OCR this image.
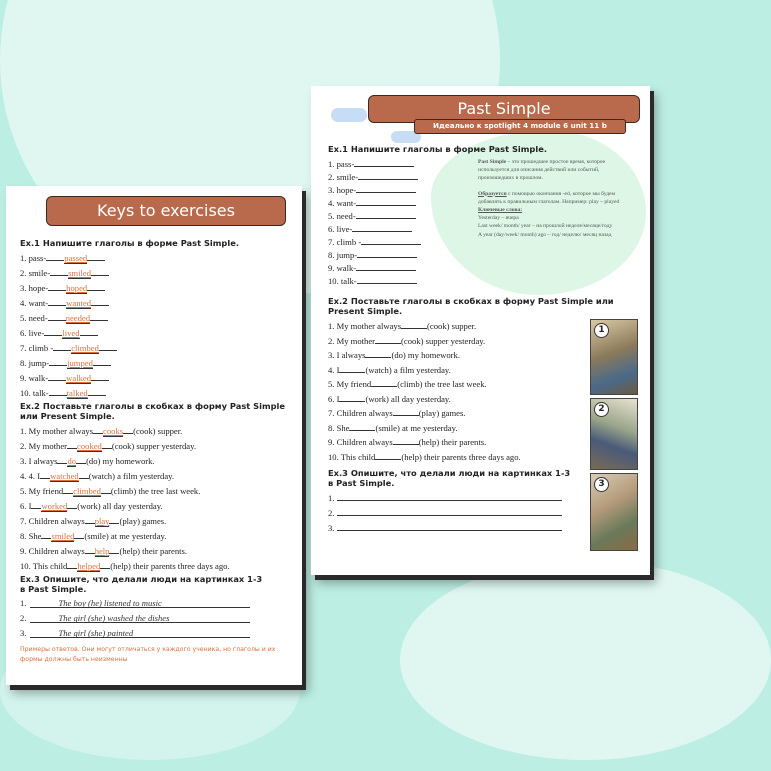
Keys to exercises
Ex.1 Напишите глаголы в форме Past Simple.
1. pass- passed
2. smile- smiled
3. hope- hoped
4. want- wanted
5. need- needed
6. live- lived
7. climb - climbed
8. jump- jumped
9. walk- walked
10. talk- talked
Ex.2 Поставьте глаголы в скобках в форму Past Simple или Present Simple.
1. My mother always cooks (cook) supper.
2. My mother cooked (cook) supper yesterday.
3. I always do (do) my homework.
4. 4. I watched (watch) a film yesterday.
5. My friend climbed (climb) the tree last week.
6. I worked (work) all day yesterday.
7. Children always play (play) games.
8. She smiled (smile) at me yesterday.
9. Children always help (help) their parents.
10. This child helped (help) their parents three days ago.
Ex.3 Опишите, что делали люди на картинках 1-3
в Past Simple.
1.	The boy (he) listened to music
2.	The girl (she) washed the dishes
3.	The girl (she) painted
Примеры ответов. Они могут отличаться у каждого ученика, но глаголы и их формы должны быть неизменны
Past Simple
Идеально к spotlight 4 module 6 unit 11 b
Ex.1 Напишите глаголы в форме Past Simple.
1. pass-
2. smile-
3. hope-
4. want-
5. need-
6. live-
7. climb -
8. jump-
9. walk-
10. talk-
Past Simple – это прошедшее простое время, которое используется для описания действий или событий, произошедших в прошлом.
Образуется с помощью окончания -ed, которое мы будем добавлять к правильным глаголам. Например: play – played
Ключевые слова:
Yesterday – вчера
Last week/ month/ year – на прошлой неделе/месяце/году
A year (day/week/ month) ago – год/ неделю/ месяц назад
Ex.2 Поставьте глаголы в скобках в форму Past Simple или Present Simple.
1. My mother always	(cook) supper.
2. My mother	(cook) supper yesterday.
3. I always	(do) my homework.
4. I	(watch) a film yesterday.
5. My friend	(climb) the tree last week.
6. I	(work) all day yesterday.
7. Children always	(play) games.
8. She	(smile) at me yesterday.
9. Children always	(help) their parents.
10. This child	(help) their parents three days ago.
Ex.3 Опишите, что делали люди на картинках 1-3
в Past Simple.
1.
2.
3.
1
2
3
